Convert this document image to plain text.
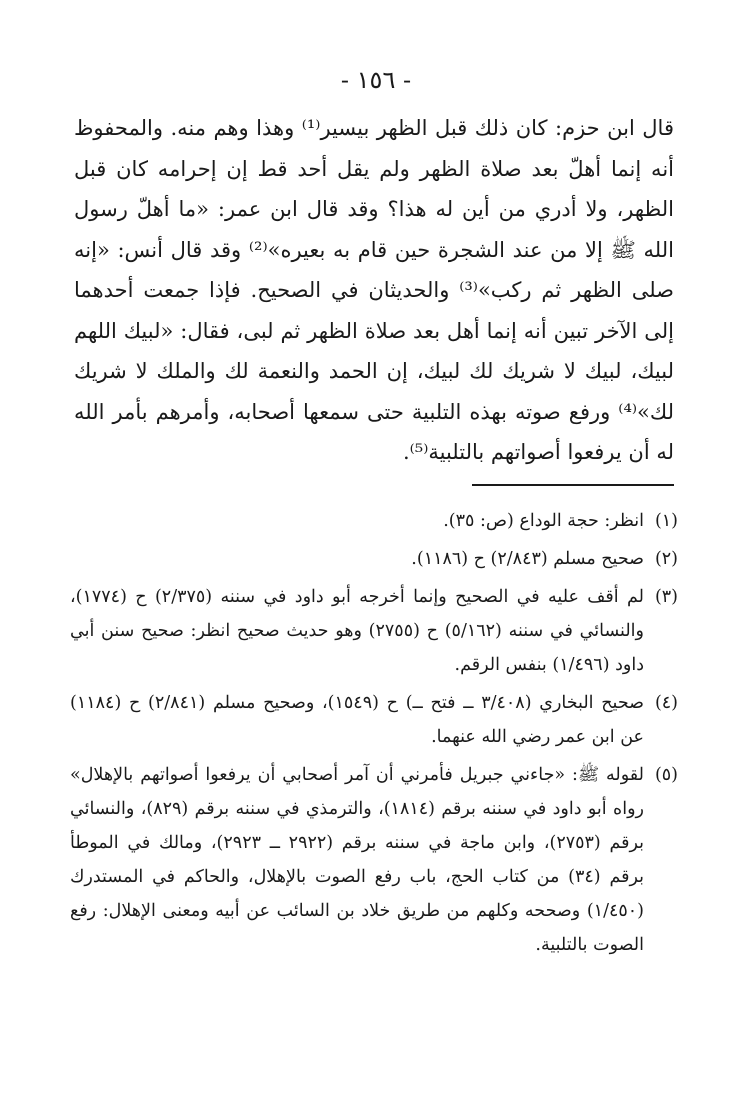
- ١٥٦ -

قال ابن حزم: كان ذلك قبل الظهر بيسير⁽¹⁾ وهذا وهم منه. والمحفوظ أنه إنما أهلّ بعد صلاة الظهر ولم يقل أحد قط إن إحرامه كان قبل الظهر، ولا أدري من أين له هذا؟ وقد قال ابن عمر: «ما أهلّ رسول الله ﷺ إلا من عند الشجرة حين قام به بعيره»⁽²⁾ وقد قال أنس: «إنه صلى الظهر ثم ركب»⁽³⁾ والحديثان في الصحيح. فإذا جمعت أحدهما إلى الآخر تبين أنه إنما أهل بعد صلاة الظهر ثم لبى، فقال: «لبيك اللهم لبيك، لبيك لا شريك لك لبيك، إن الحمد والنعمة لك والملك لا شريك لك»⁽⁴⁾ ورفع صوته بهذه التلبية حتى سمعها أصحابه، وأمرهم بأمر الله له أن يرفعوا أصواتهم بالتلبية⁽⁵⁾.

(١)
انظر: حجة الوداع (ص: ٣٥).

(٢)
صحيح مسلم (٢/٨٤٣) ح (١١٨٦).

(٣)
لم أقف عليه في الصحيح وإنما أخرجه أبو داود في سننه (٢/٣٧٥) ح (١٧٧٤)، والنسائي في سننه (٥/١٦٢) ح (٢٧٥٥) وهو حديث صحيح انظر: صحيح سنن أبي داود (١/٤٩٦) بنفس الرقم.

(٤)
صحيح البخاري (٣/٤٠٨ ــ فتح ــ) ح (١٥٤٩)، وصحيح مسلم (٢/٨٤١) ح (١١٨٤) عن ابن عمر رضي الله عنهما.

(٥)
لقوله ﷺ: «جاءني جبريل فأمرني أن آمر أصحابي أن يرفعوا أصواتهم بالإهلال» رواه أبو داود في سننه برقم (١٨١٤)، والترمذي في سننه برقم (٨٢٩)، والنسائي برقم (٢٧٥٣)، وابن ماجة في سننه برقم (٢٩٢٢ ــ ٢٩٢٣)، ومالك في الموطأ برقم (٣٤) من كتاب الحج، باب رفع الصوت بالإهلال، والحاكم في المستدرك (١/٤٥٠) وصححه وكلهم من طريق خلاد بن السائب عن أبيه ومعنى الإهلال: رفع الصوت بالتلبية.
